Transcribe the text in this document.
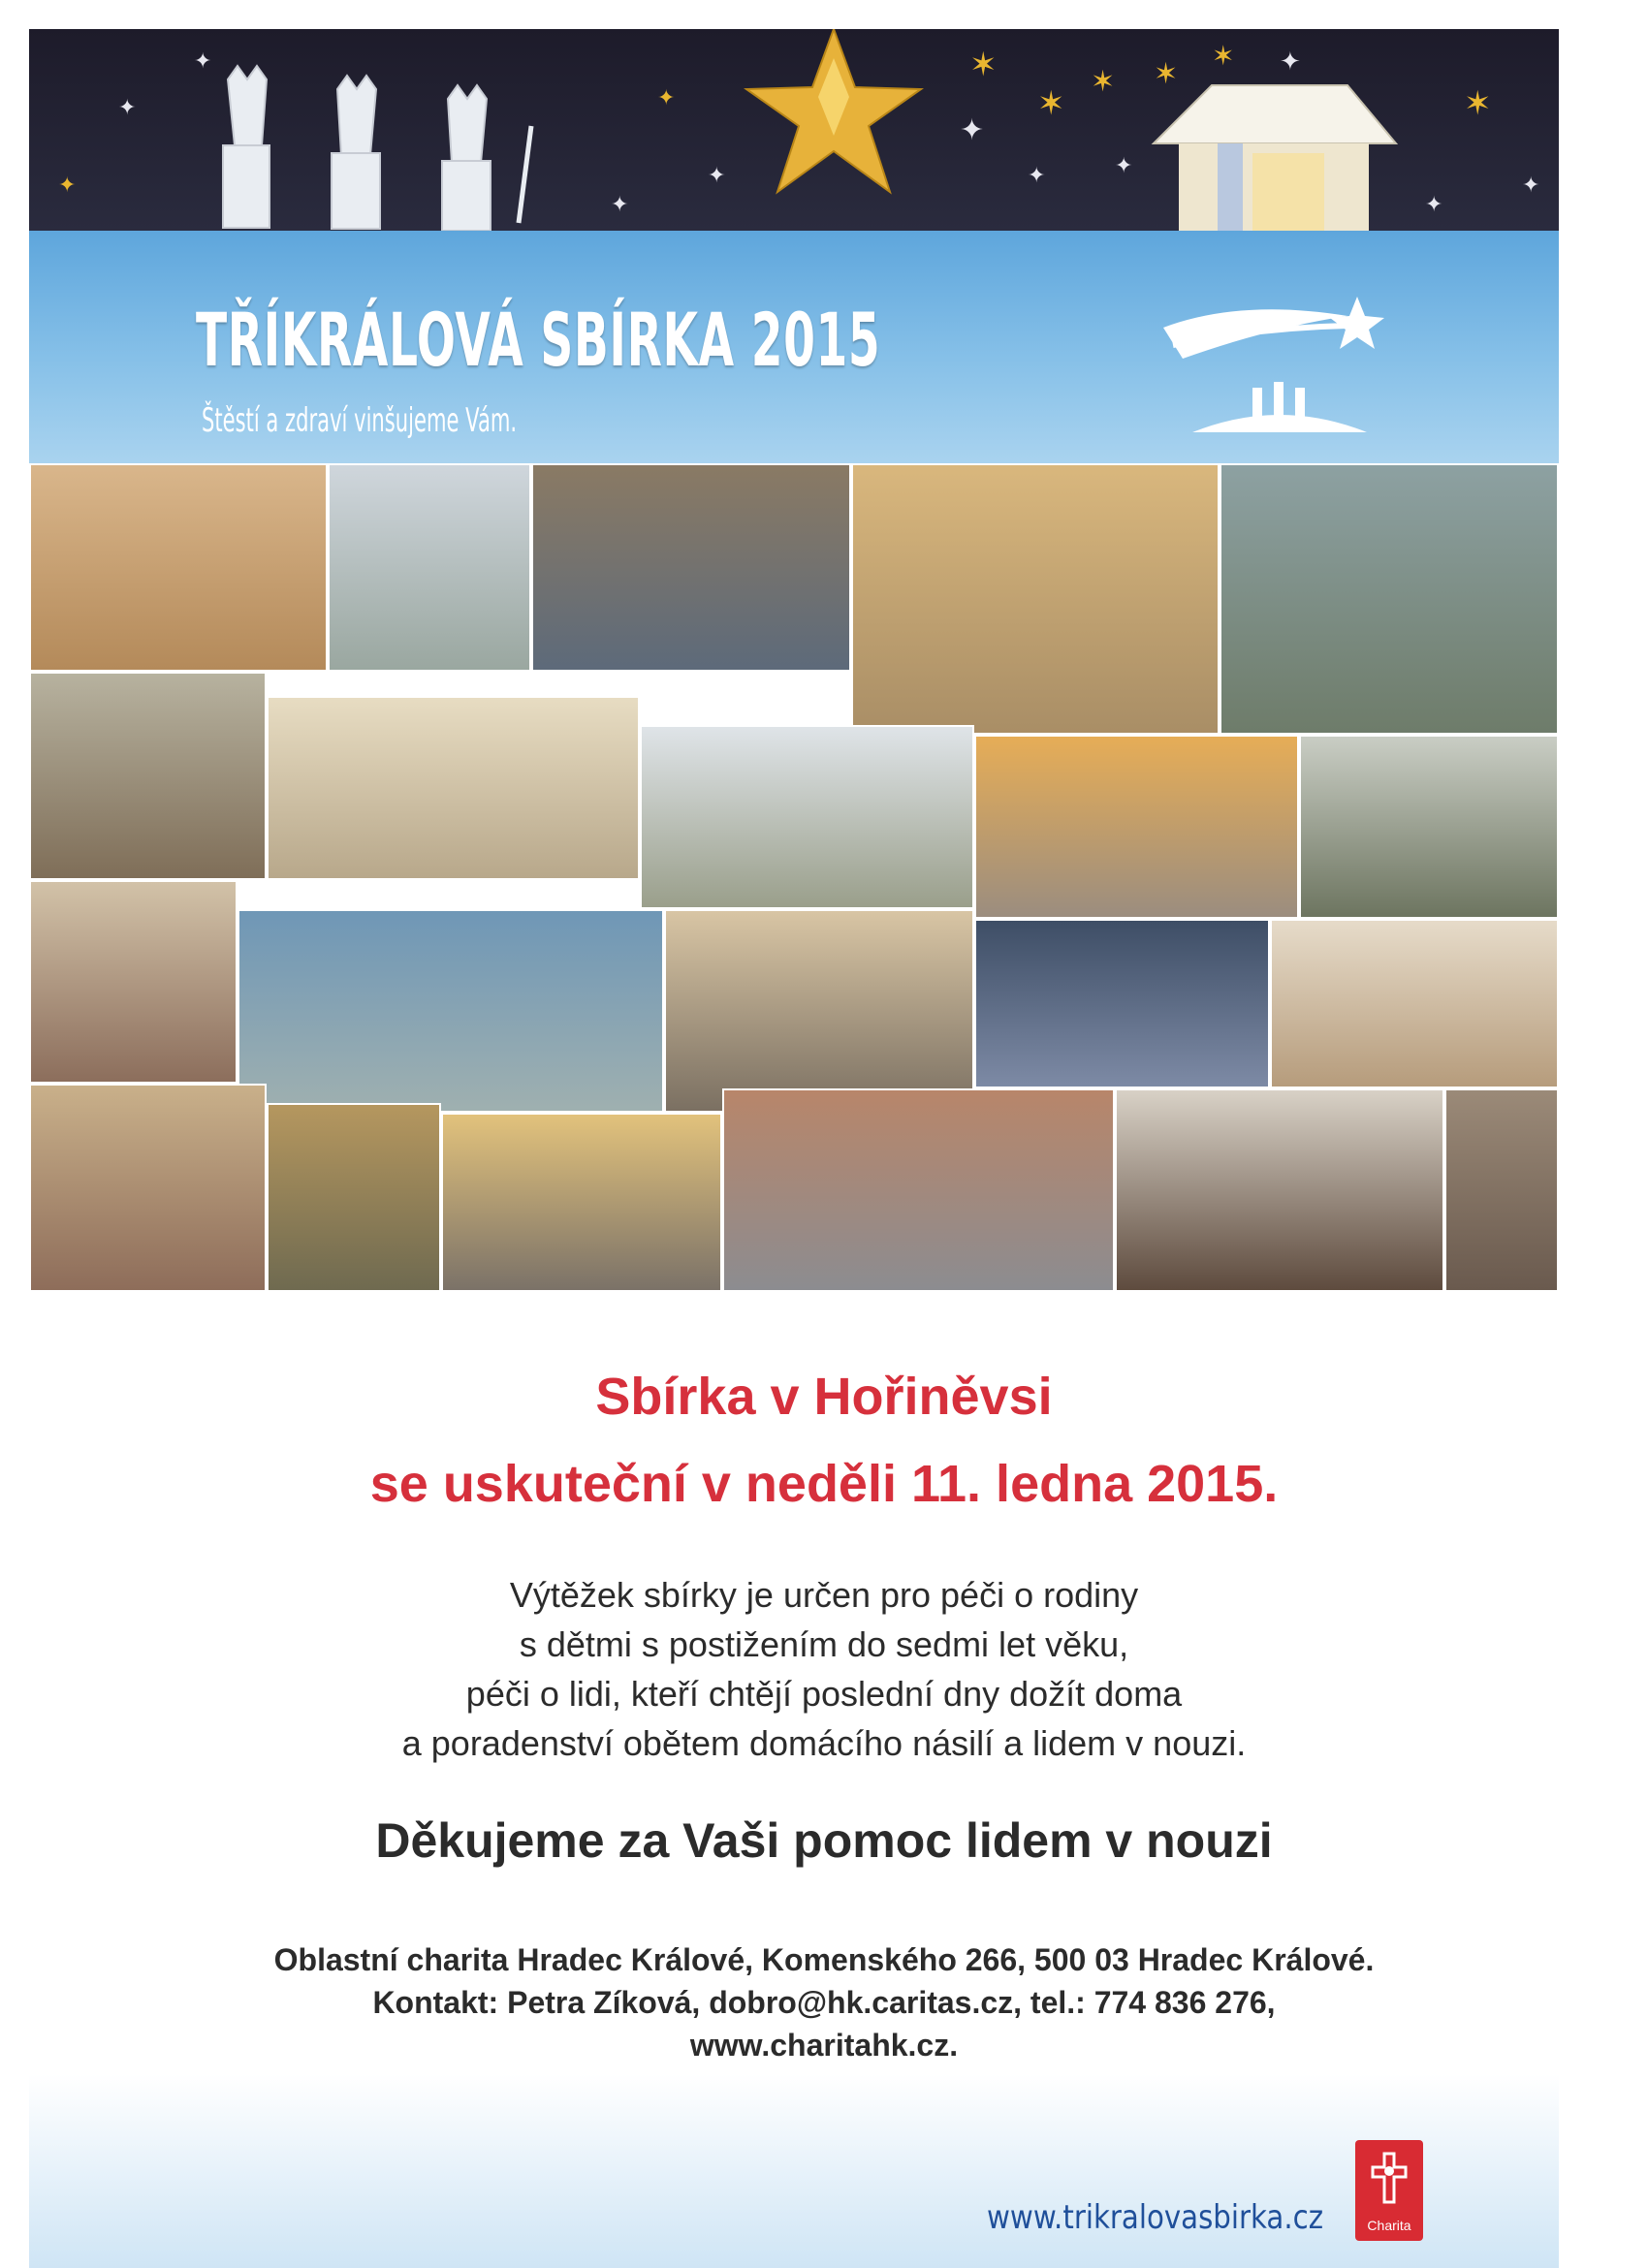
✦
✦
✦
✦
✦
✦
✶
✶
✶
✦
✶
✶ ✦
✦	✦
✶
✦
✦
TŘÍKRÁLOVÁ SBÍRKA 2015
Štěstí a zdraví vinšujeme Vám.
Sbírka v Hořiněvsi
se uskuteční v neděli 11. ledna 2015.
Výtěžek sbírky je určen pro péči o rodiny
s dětmi s postižením do sedmi let věku,
péči o lidi, kteří chtějí poslední dny dožít doma
a poradenství obětem domácího násilí a lidem v nouzi.
Děkujeme za Vaši pomoc lidem v nouzi
Oblastní charita Hradec Králové, Komenského 266, 500 03 Hradec Králové.
Kontakt: Petra Zíková, dobro@hk.caritas.cz, tel.: 774 836 276,
www.charitahk.cz.
www.trikralovasbirka.cz	Charita
